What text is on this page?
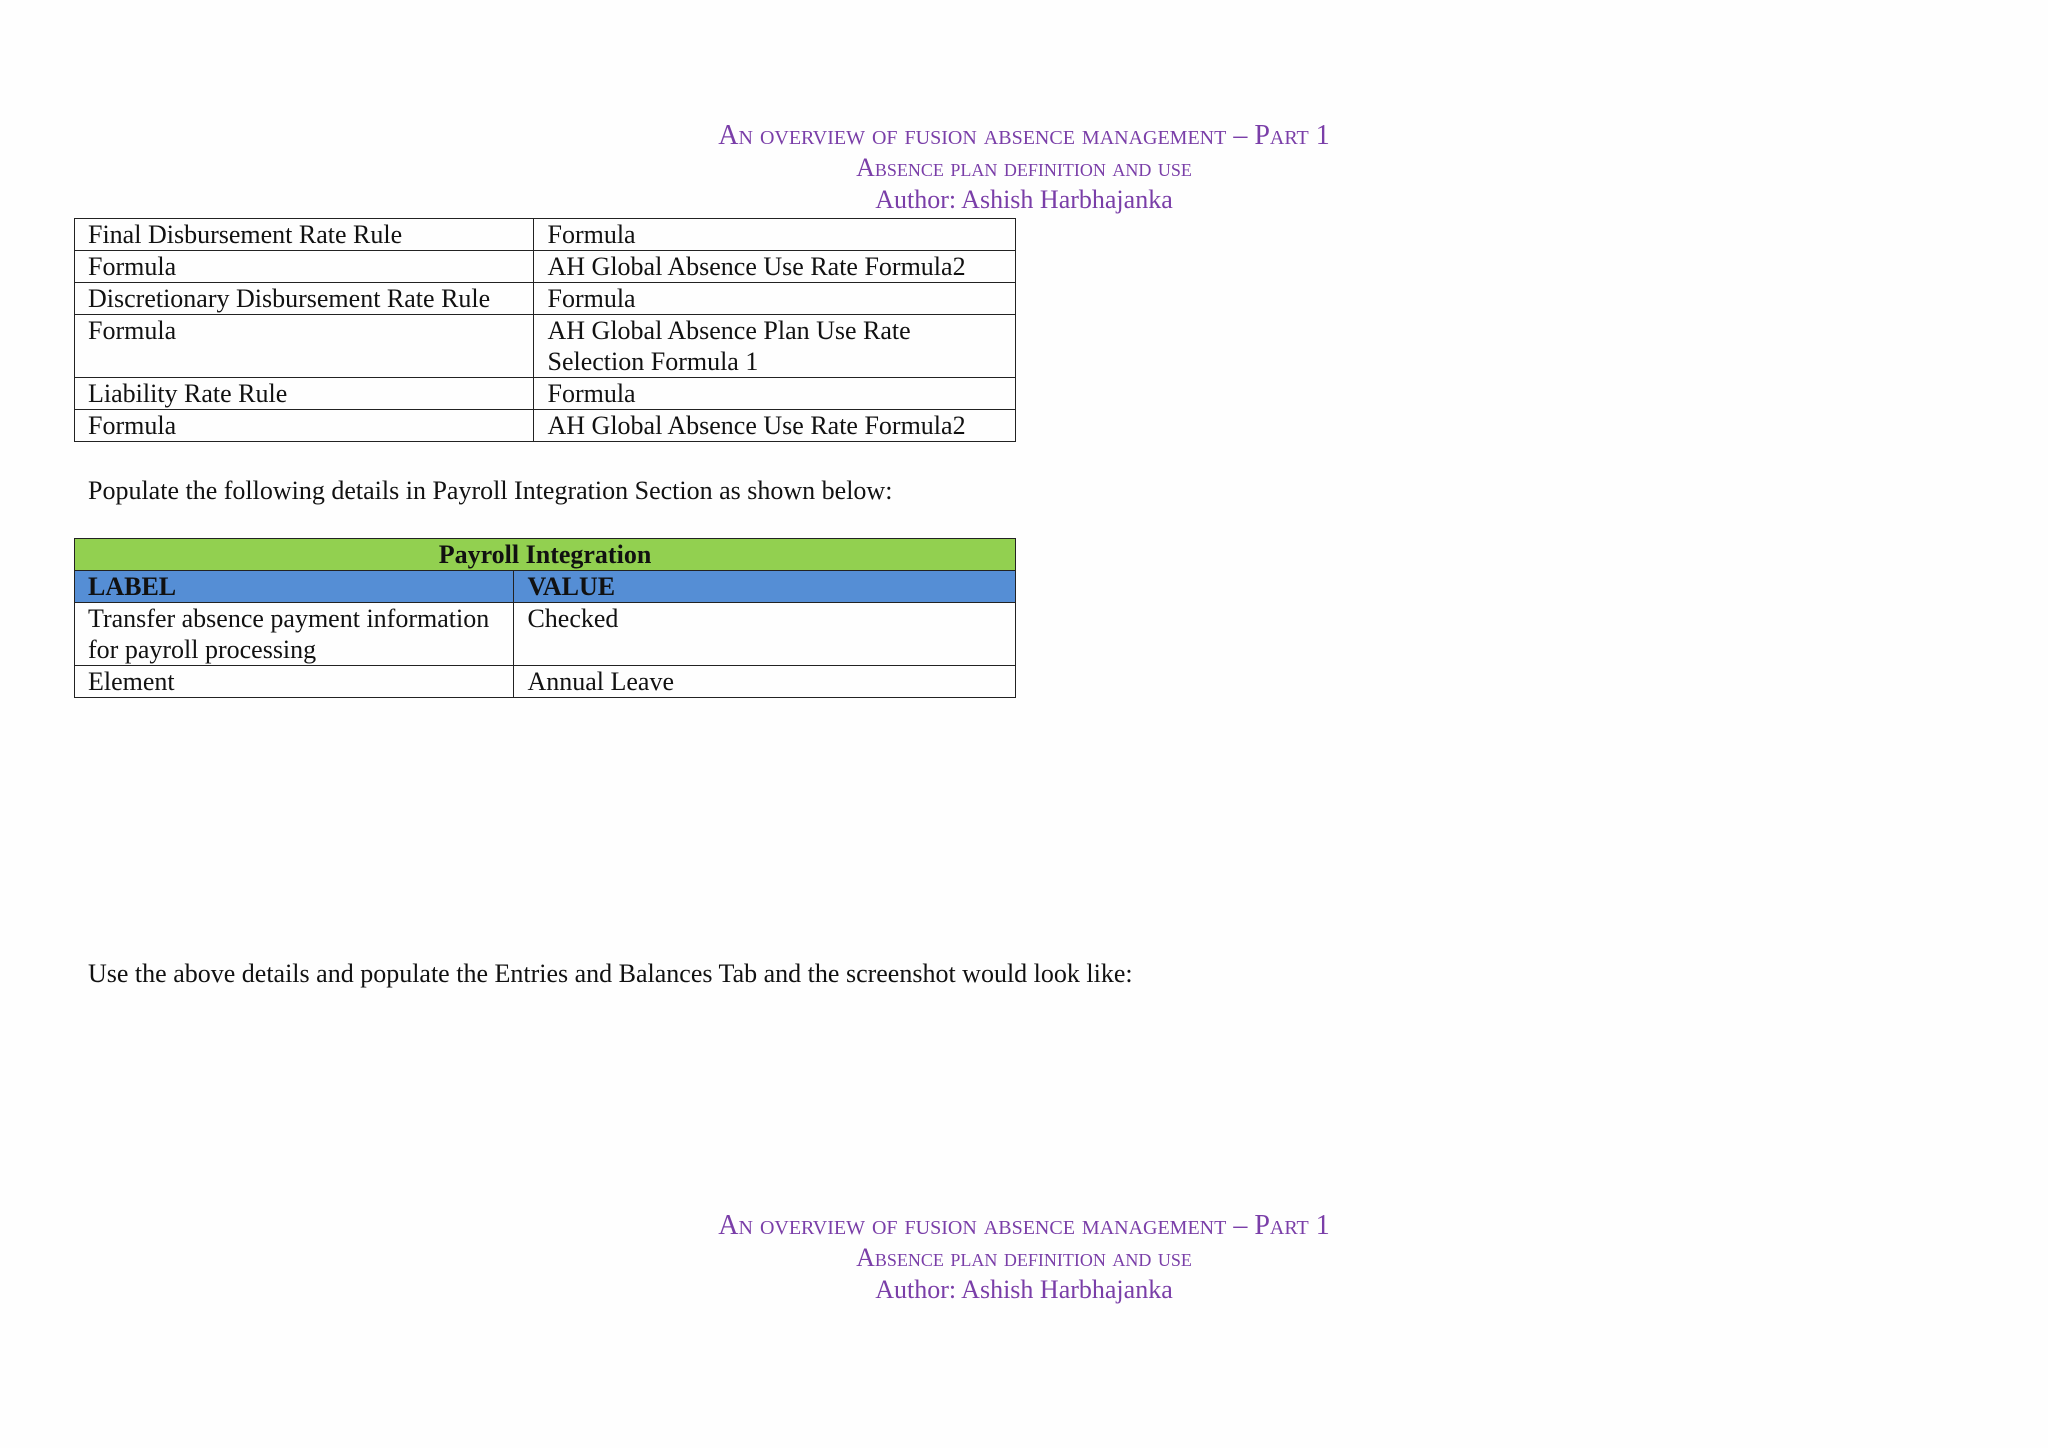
An overview of fusion absence management – Part 1
Absence plan definition and use
Author: Ashish Harbhajanka
Final Disbursement Rate Rule	Formula
Formula	AH Global Absence Use Rate Formula2
Discretionary Disbursement Rate Rule	Formula
Formula	AH Global Absence Plan Use Rate Selection Formula 1
Liability Rate Rule	Formula
Formula	AH Global Absence Use Rate Formula2
Populate the following details in Payroll Integration Section as shown below:
Payroll Integration	
LABEL	VALUE
Transfer absence payment information for payroll processing	Checked
Element	Annual Leave
Use the above details and populate the Entries and Balances Tab and the screenshot would look like:
An overview of fusion absence management – Part 1
Absence plan definition and use
Author: Ashish Harbhajanka
